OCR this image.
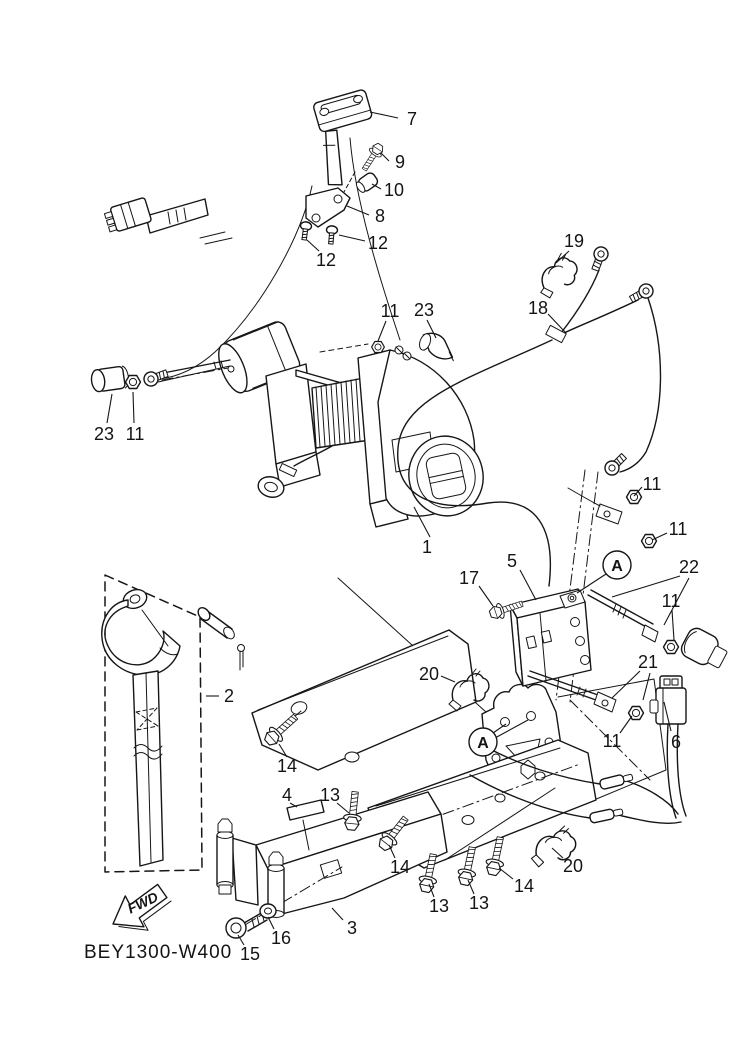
A
A
7
9
10
8
12
12
11 23
19
18
23 11
1
11
11
5
17
22
11
2
20
21
11	6
14
4 13
14
13 13
14
20
3
16
15
FWD
BEY1300-W400
